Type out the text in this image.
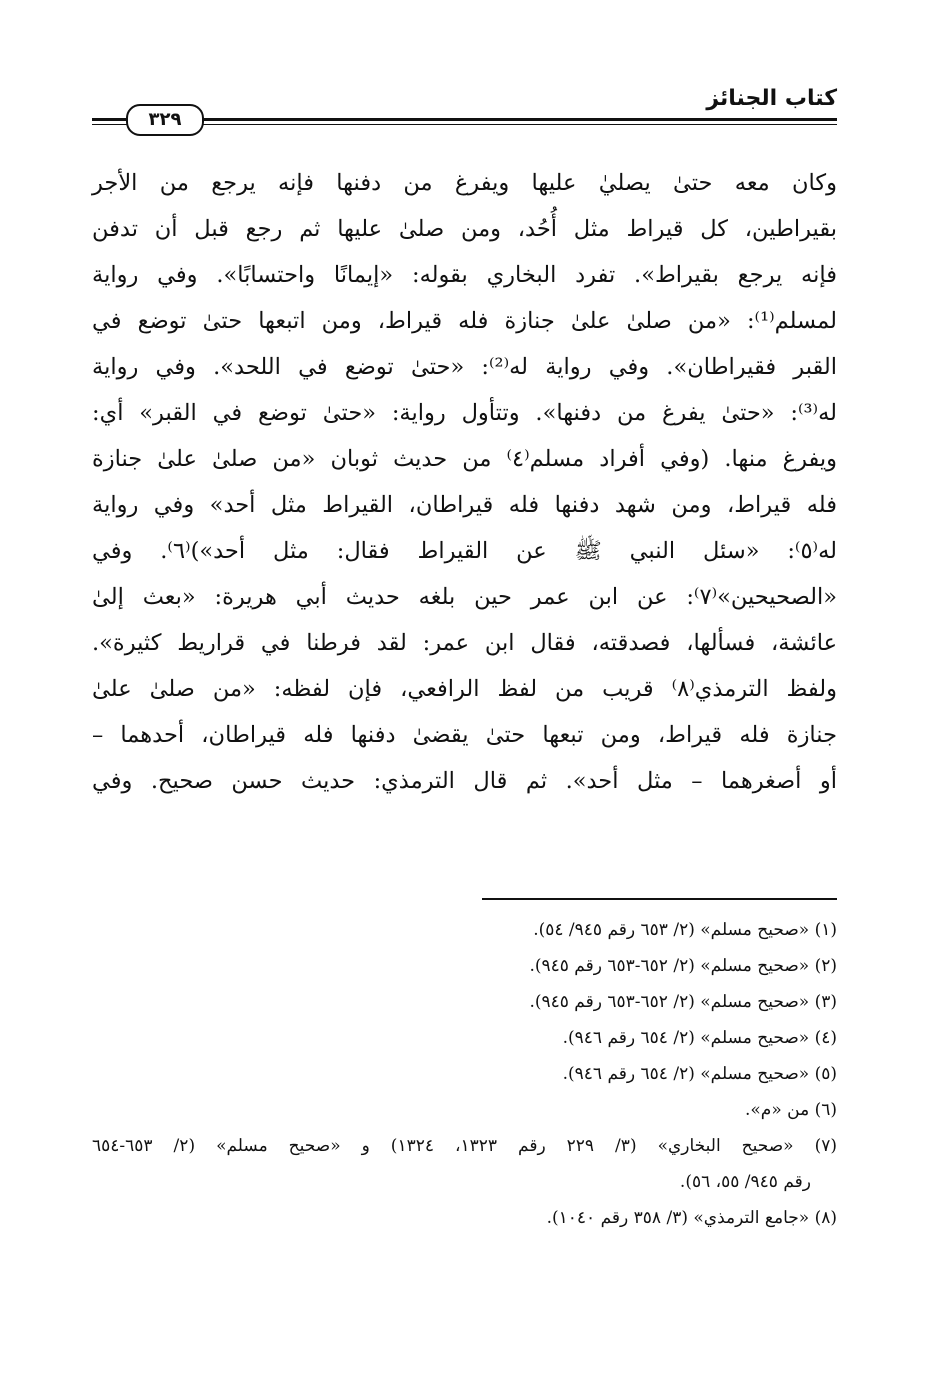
كتاب الجنائز
٣٢٩
وكان معه حتىٰ يصليٰ عليها ويفرغ من دفنها فإنه يرجع من الأجر
بقيراطين، كل قيراط مثل أُحُد، ومن صلىٰ عليها ثم رجع قبل أن تدفن
فإنه يرجع بقيراط». تفرد البخاري بقوله: «إيمانًا واحتسابًا». وفي رواية
لمسلم⁽¹⁾: «من صلىٰ علىٰ جنازة فله قيراط، ومن اتبعها حتىٰ توضع في
القبر فقيراطان». وفي رواية له⁽²⁾: «حتىٰ توضع في اللحد». وفي رواية
له⁽³⁾: «حتىٰ يفرغ من دفنها». وتتأول رواية: «حتىٰ توضع في القبر» أي:
ويفرغ منها. (وفي أفراد مسلم⁽٤⁾ من حديث ثوبان «من صلىٰ علىٰ جنازة
فله قيراط، ومن شهد دفنها فله قيراطان، القيراط مثل أحد» وفي رواية
له⁽٥⁾: «سئل النبي ﷺ عن القيراط فقال: مثل أحد»)⁽٦⁾. وفي
«الصحيحين»⁽٧⁾: عن ابن عمر حين بلغه حديث أبي هريرة: «بعث إلىٰ
عائشة، فسألها، فصدقته، فقال ابن عمر: لقد فرطنا في قراريط كثيرة».
ولفظ الترمذي⁽٨⁾ قريب من لفظ الرافعي، فإن لفظه: «من صلىٰ علىٰ
جنازة فله قيراط، ومن تبعها حتىٰ يقضىٰ دفنها فله قيراطان، أحدهما –
أو أصغرهما – مثل أحد». ثم قال الترمذي: حديث حسن صحيح. وفي
(١) «صحيح مسلم» (٢/ ٦٥٣ رقم ٩٤٥/ ٥٤).
(٢) «صحيح مسلم» (٢/ ٦٥٢-٦٥٣ رقم ٩٤٥).
(٣) «صحيح مسلم» (٢/ ٦٥٢-٦٥٣ رقم ٩٤٥).
(٤) «صحيح مسلم» (٢/ ٦٥٤ رقم ٩٤٦).
(٥) «صحيح مسلم» (٢/ ٦٥٤ رقم ٩٤٦).
(٦) من «م».
(٧) «صحيح البخاري» (٣/ ٢٢٩ رقم ١٣٢٣، ١٣٢٤) و «صحيح مسلم» (٢/ ٦٥٣-٦٥٤
رقم ٩٤٥/ ٥٥، ٥٦).
(٨) «جامع الترمذي» (٣/ ٣٥٨ رقم ١٠٤٠).
